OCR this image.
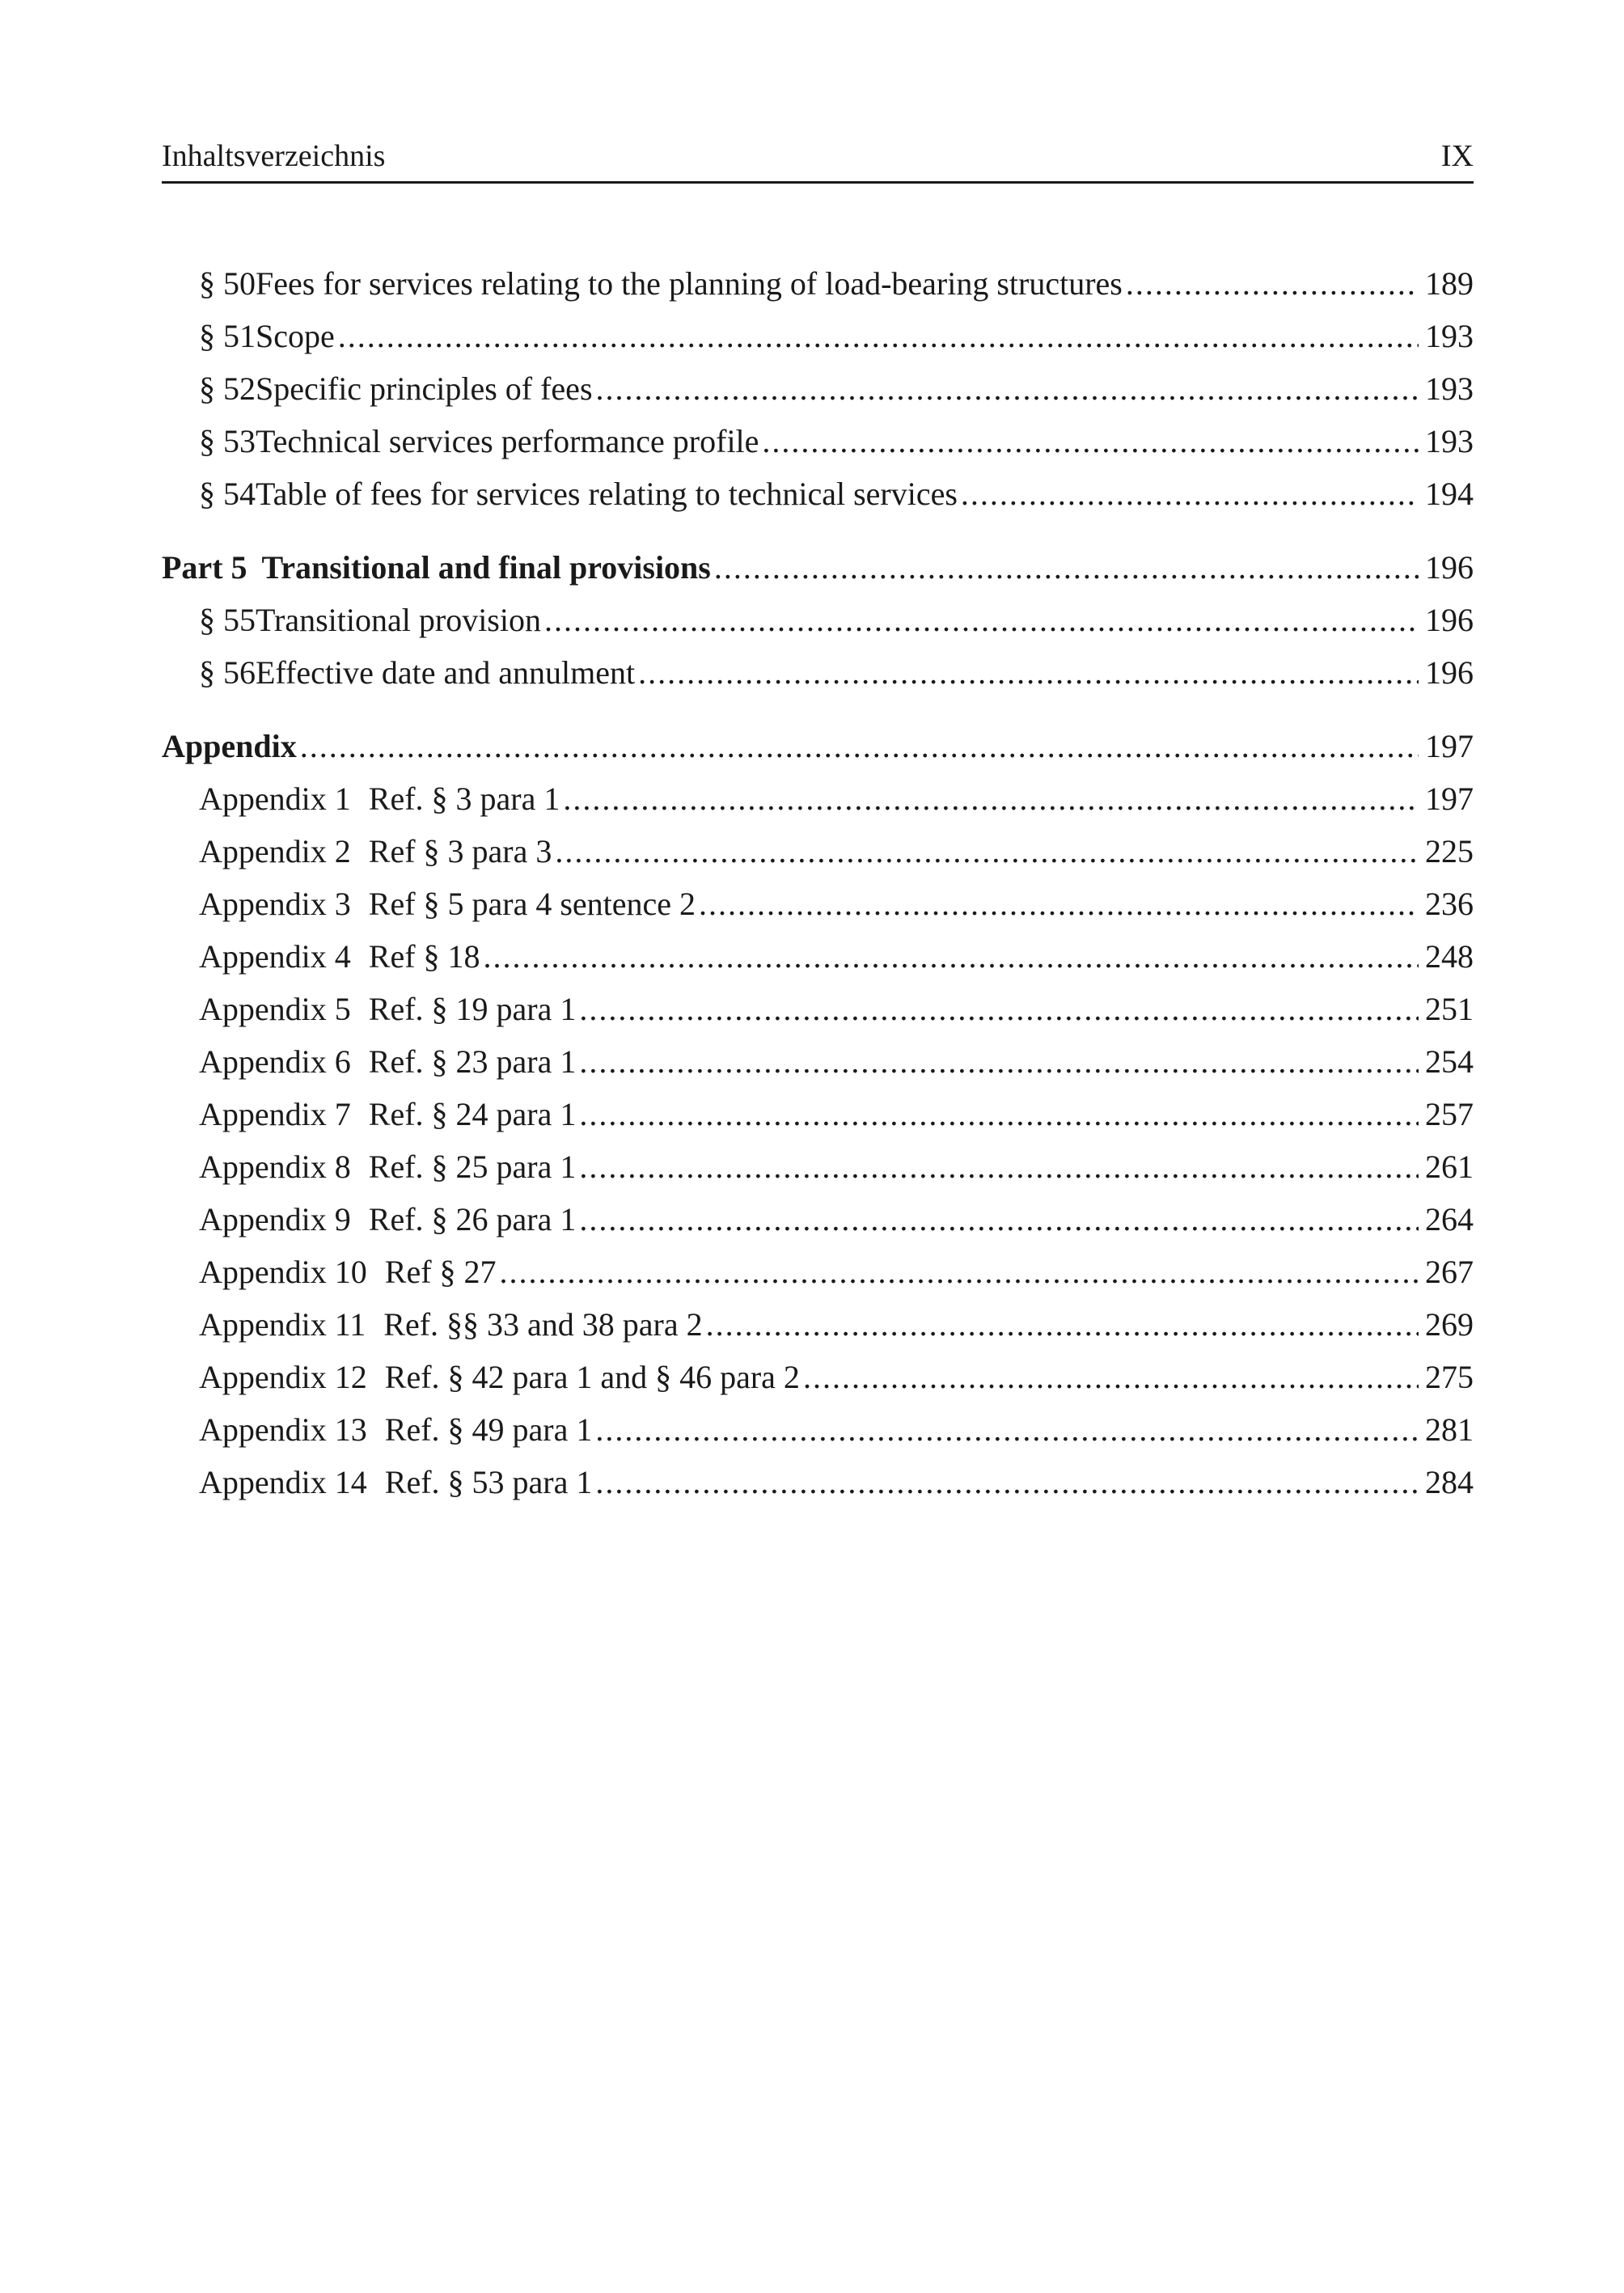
Inhaltsverzeichnis	IX
§ 50 Fees for services relating to the planning of load-bearing structures .....	189
§ 51 Scope .....	193
§ 52 Specific principles of fees .....	193
§ 53 Technical services performance profile .....	193
§ 54 Table of fees for services relating to technical services .....	194
Part 5 Transitional and final provisions .....	196
§ 55 Transitional provision .....	196
§ 56 Effective date and annulment .....	196
Appendix .....	197
Appendix 1 Ref. § 3 para 1 .....	197
Appendix 2 Ref § 3 para 3 .....	225
Appendix 3 Ref § 5 para 4 sentence 2 .....	236
Appendix 4 Ref § 18 .....	248
Appendix 5 Ref. § 19 para 1 .....	251
Appendix 6 Ref. § 23 para 1 .....	254
Appendix 7 Ref. § 24 para 1 .....	257
Appendix 8 Ref. § 25 para 1 .....	261
Appendix 9 Ref. § 26 para 1 .....	264
Appendix 10 Ref § 27 .....	267
Appendix 11 Ref. §§ 33 and 38 para 2 .....	269
Appendix 12 Ref. § 42 para 1 and § 46 para 2 .....	275
Appendix 13 Ref. § 49 para 1 .....	281
Appendix 14 Ref. § 53 para 1 .....	284
